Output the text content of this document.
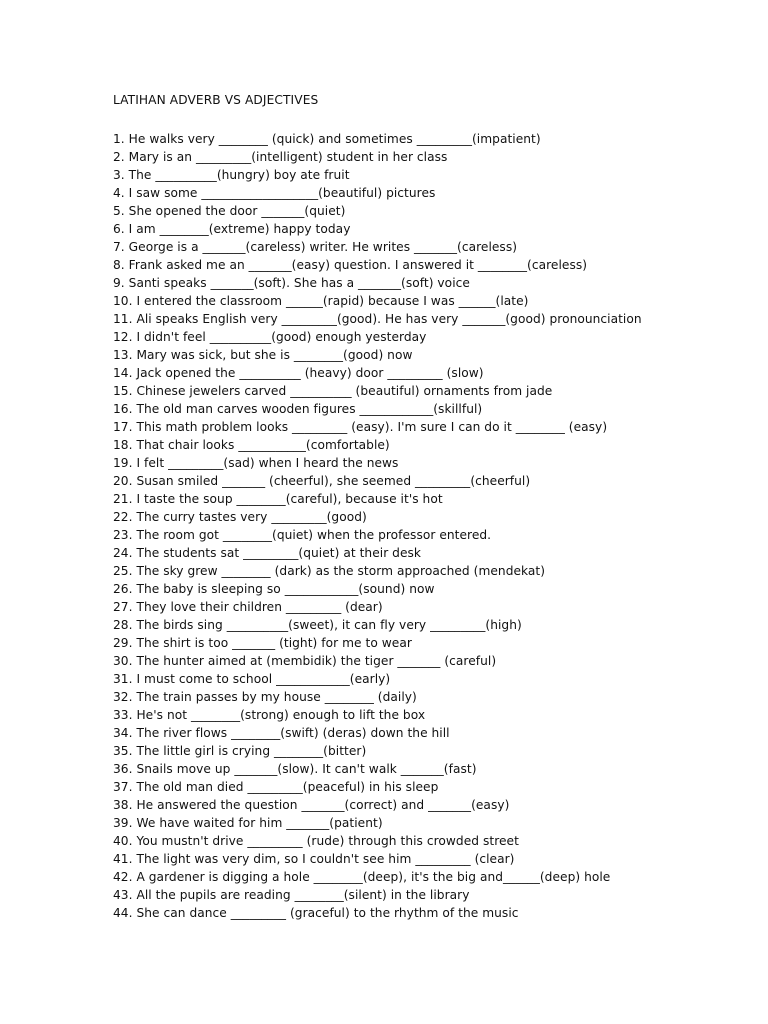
LATIHAN ADVERB VS ADJECTIVES
1. He walks very ________ (quick) and sometimes _________(impatient)
2. Mary is an _________(intelligent) student in her class
3. The __________(hungry) boy ate fruit
4. I saw some ___________________(beautiful) pictures
5. She opened the door _______(quiet)
6. I am ________(extreme) happy today
7. George is a _______(careless) writer. He writes _______(careless)
8. Frank asked me an _______(easy) question. I answered it ________(careless)
9. Santi speaks _______(soft). She has a _______(soft) voice
10. I entered the classroom ______(rapid) because I was ______(late)
11. Ali speaks English very _________(good). He has very _______(good) pronounciation
12. I didn't feel __________(good) enough yesterday
13. Mary was sick, but she is ________(good) now
14. Jack opened the __________ (heavy) door _________ (slow)
15. Chinese jewelers carved __________ (beautiful) ornaments from jade
16. The old man carves wooden figures ____________(skillful)
17. This math problem looks _________ (easy). I'm sure I can do it ________ (easy)
18. That chair looks ___________(comfortable)
19. I felt _________(sad) when I heard the news
20. Susan smiled _______ (cheerful), she seemed _________(cheerful)
21. I taste the soup ________(careful), because it's hot
22. The curry tastes very _________(good)
23. The room got ________(quiet) when the professor entered.
24. The students sat _________(quiet) at their desk
25. The sky grew ________ (dark) as the storm approached (mendekat)
26. The baby is sleeping so ____________(sound) now
27. They love their children _________ (dear)
28. The birds sing __________(sweet), it can fly very _________(high)
29. The shirt is too _______ (tight) for me to wear
30. The hunter aimed at (membidik) the tiger _______ (careful)
31. I must come to school ____________(early)
32. The train passes by my house ________ (daily)
33. He's not ________(strong) enough to lift the box
34. The river flows ________(swift) (deras) down the hill
35. The little girl is crying ________(bitter)
36. Snails move up _______(slow). It can't walk _______(fast)
37. The old man died _________(peaceful) in his sleep
38. He answered the question _______(correct) and _______(easy)
39. We have waited for him _______(patient)
40. You mustn't drive _________ (rude) through this crowded street
41. The light was very dim, so I couldn't see him _________ (clear)
42. A gardener is digging a hole ________(deep), it's the big and______(deep) hole
43. All the pupils are reading ________(silent) in the library
44. She can dance _________ (graceful) to the rhythm of the music
